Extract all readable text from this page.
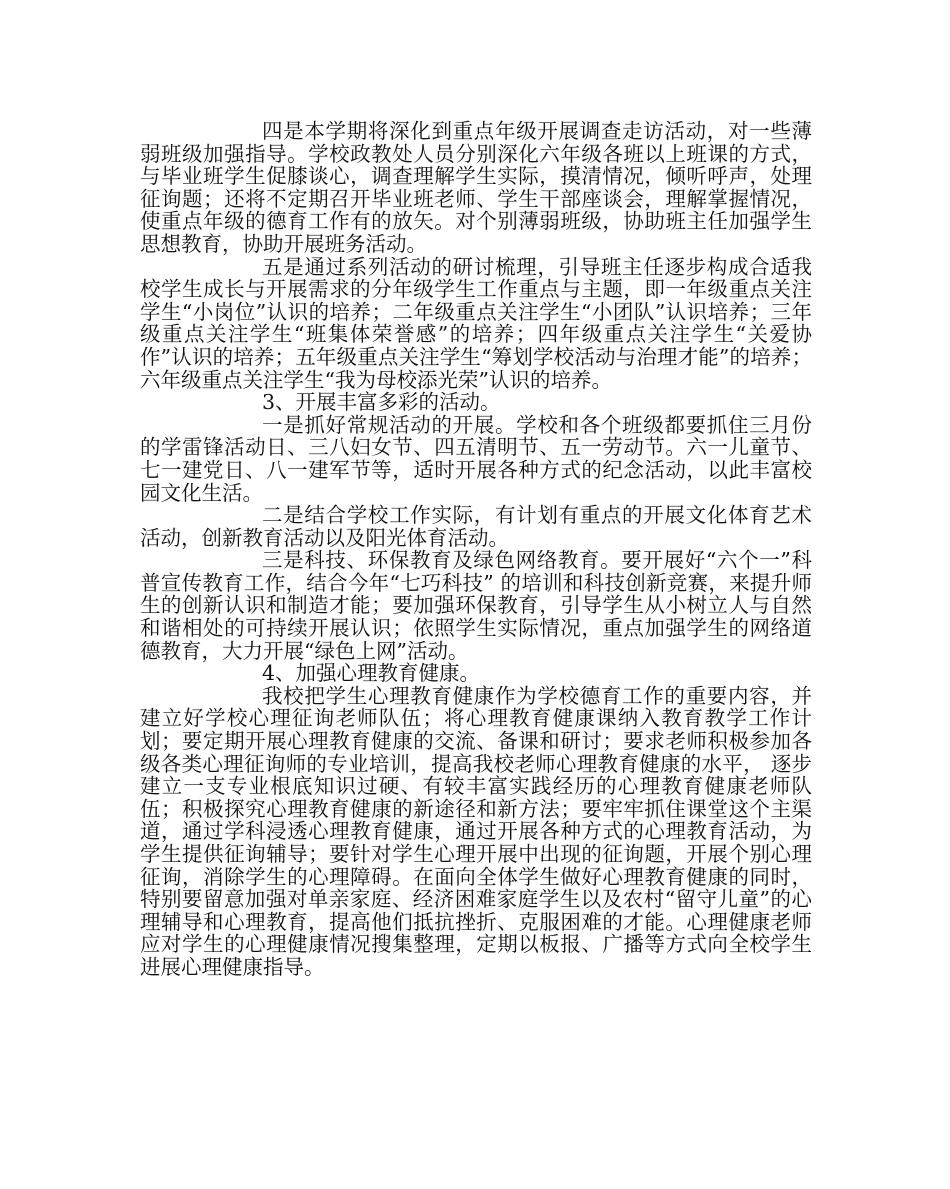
四是本学期将深化到重点年级开展调查走访活动，对一些薄弱班级加强指导。学校政教处人员分别深化六年级各班以上班课的方式，与毕业班学生促膝谈心，调查理解学生实际，摸清情况，倾听呼声，处理征询题；还将不定期召开毕业班老师、学生干部座谈会，理解掌握情况，使重点年级的德育工作有的放矢。对个别薄弱班级，协助班主任加强学生思想教育，协助开展班务活动。

五是通过系列活动的研讨梳理，引导班主任逐步构成合适我校学生成长与开展需求的分年级学生工作重点与主题，即一年级重点关注学生“小岗位”认识的培养；二年级重点关注学生“小团队”认识培养；三年级重点关注学生“班集体荣誉感”的培养；四年级重点关注学生“关爱协作”认识的培养；五年级重点关注学生“筹划学校活动与治理才能”的培养；六年级重点关注学生“我为母校添光荣”认识的培养。

3、开展丰富多彩的活动。

一是抓好常规活动的开展。学校和各个班级都要抓住三月份的学雷锋活动日、三八妇女节、四五清明节、五一劳动节。六一儿童节、七一建党日、八一建军节等，适时开展各种方式的纪念活动，以此丰富校园文化生活。

二是结合学校工作实际，有计划有重点的开展文化体育艺术活动，创新教育活动以及阳光体育活动。

三是科技、环保教育及绿色网络教育。要开展好“六个一”科普宣传教育工作，结合今年“七巧科技” 的培训和科技创新竞赛，来提升师生的创新认识和制造才能；要加强环保教育，引导学生从小树立人与自然和谐相处的可持续开展认识；依照学生实际情况，重点加强学生的网络道德教育，大力开展“绿色上网”活动。

4、加强心理教育健康。

我校把学生心理教育健康作为学校德育工作的重要内容，并建立好学校心理征询老师队伍；将心理教育健康课纳入教育教学工作计划；要定期开展心理教育健康的交流、备课和研讨；要求老师积极参加各级各类心理征询师的专业培训，提高我校老师心理教育健康的水平， 逐步建立一支专业根底知识过硬、有较丰富实践经历的心理教育健康老师队伍；积极探究心理教育健康的新途径和新方法；要牢牢抓住课堂这个主渠道，通过学科浸透心理教育健康，通过开展各种方式的心理教育活动，为学生提供征询辅导；要针对学生心理开展中出现的征询题，开展个别心理征询，消除学生的心理障碍。在面向全体学生做好心理教育健康的同时，特别要留意加强对单亲家庭、经济困难家庭学生以及农村“留守儿童”的心理辅导和心理教育，提高他们抵抗挫折、克服困难的才能。心理健康老师应对学生的心理健康情况搜集整理，定期以板报、广播等方式向全校学生进展心理健康指导。
